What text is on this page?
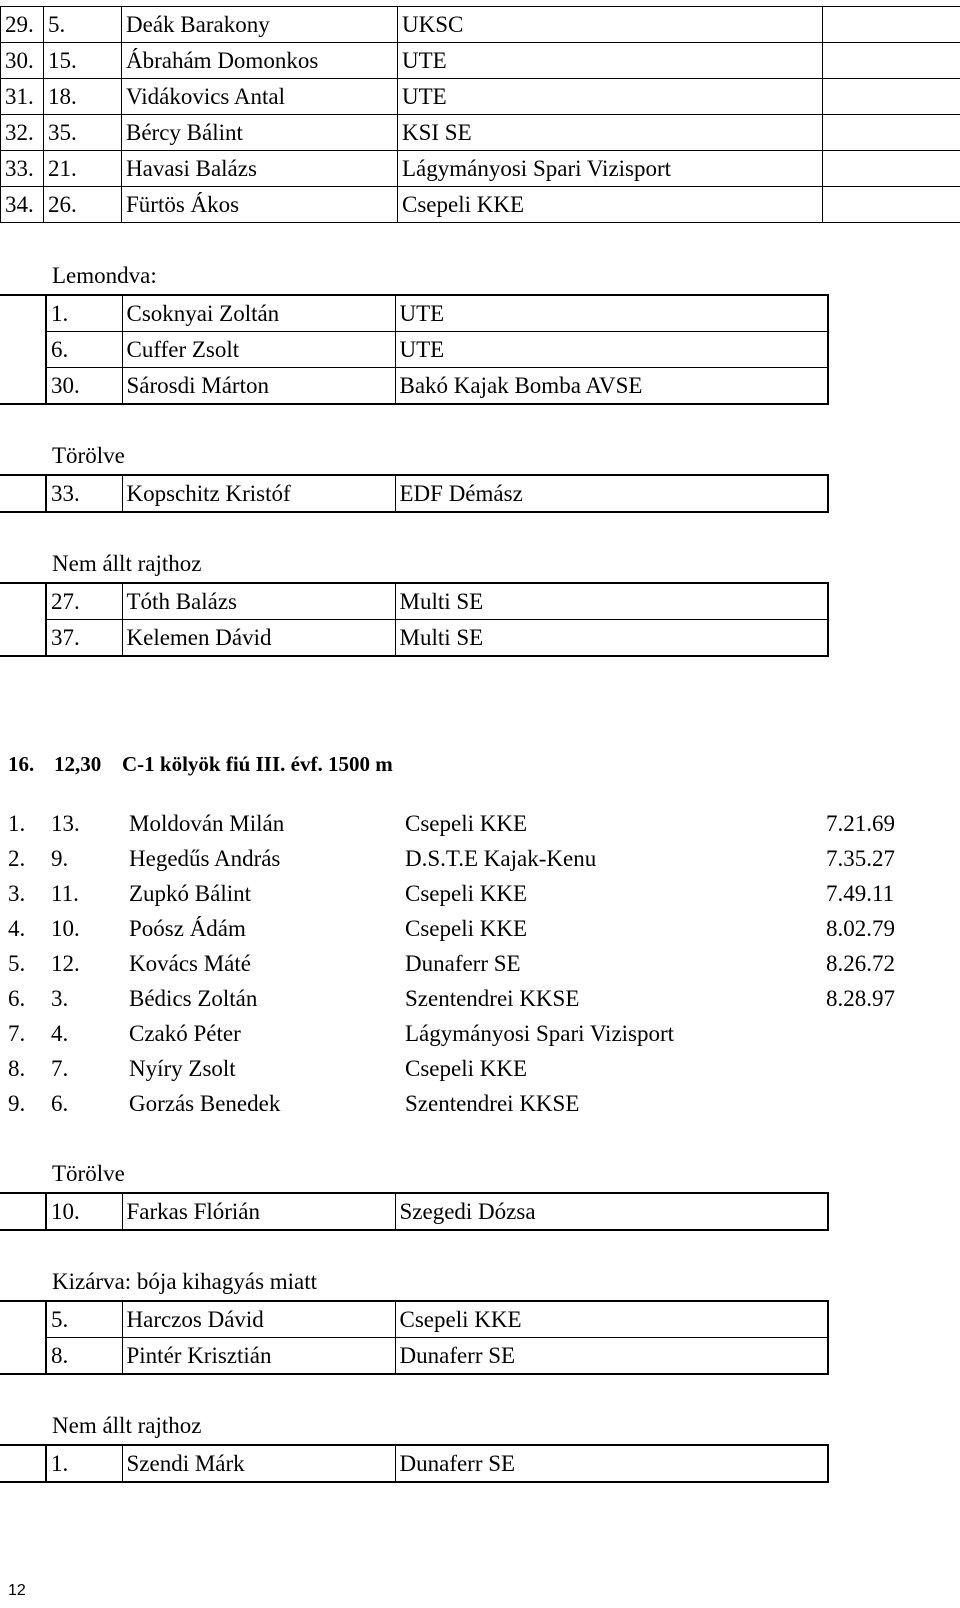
29.	5.	Deák Barakony	UKSC	
30.	15.	Ábrahám Domonkos	UTE	
31.	18.	Vidákovics Antal	UTE	
32.	35.	Bércy Bálint	KSI SE	
33.	21.	Havasi Balázs	Lágymányosi Spari Vizisport	
34.	26.	Fürtös Ákos	Csepeli KKE	
Lemondva:
	1.	Csoknyai Zoltán	UTE
	6.	Cuffer Zsolt	UTE
	30.	Sárosdi Márton	Bakó Kajak Bomba AVSE
Törölve
	33.	Kopschitz Kristóf	EDF Démász
Nem állt rajthoz
	27.	Tóth Balázs	Multi SE
	37.	Kelemen Dávid	Multi SE
16. 12,30 C-1 kölyök fiú III. évf. 1500 m
1.	13.	Moldován Milán	Csepeli KKE	7.21.69
2.	9.	Hegedűs András	D.S.T.E Kajak-Kenu	7.35.27
3.	11.	Zupkó Bálint	Csepeli KKE	7.49.11
4.	10.	Poósz Ádám	Csepeli KKE	8.02.79
5.	12.	Kovács Máté	Dunaferr SE	8.26.72
6.	3.	Bédics Zoltán	Szentendrei KKSE	8.28.97
7.	4.	Czakó Péter	Lágymányosi Spari Vizisport	
8.	7.	Nyíry Zsolt	Csepeli KKE	
9.	6.	Gorzás Benedek	Szentendrei KKSE	
Törölve
	10.	Farkas Flórián	Szegedi Dózsa
Kizárva: bója kihagyás miatt
	5.	Harczos Dávid	Csepeli KKE
	8.	Pintér Krisztián	Dunaferr SE
Nem állt rajthoz
	1.	Szendi Márk	Dunaferr SE
12
